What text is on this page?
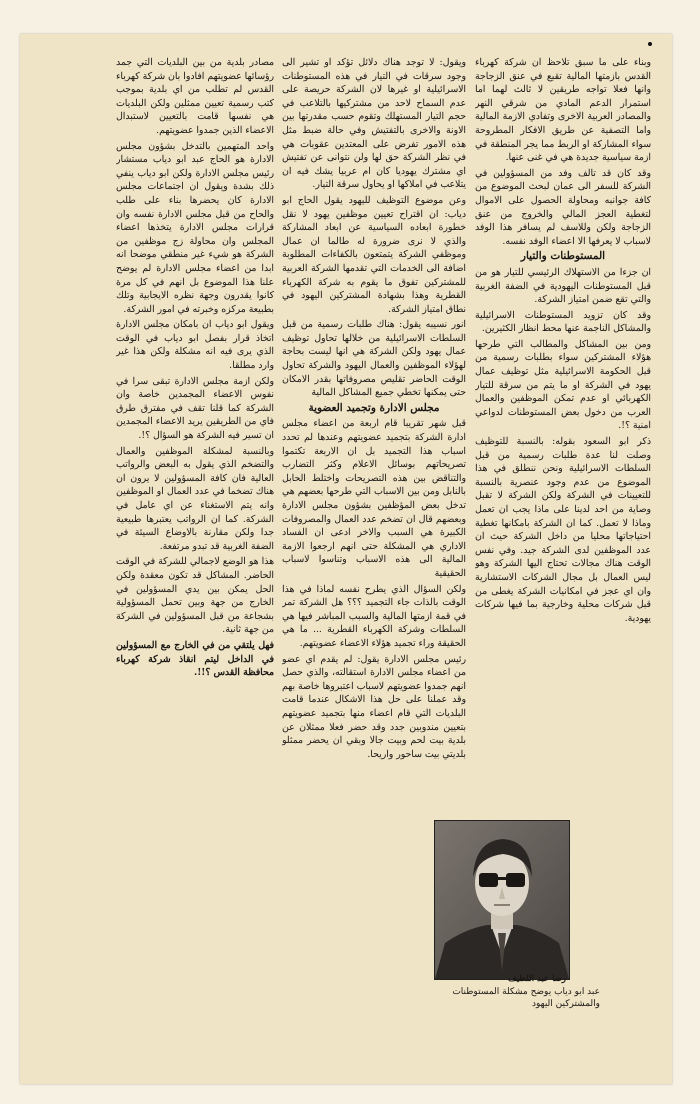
وبناء على ما سبق تلاحظ ان شركة كهرباء القدس بازمتها المالية تقبع في عنق الزجاجة وانها فعلا تواجه طريقين لا ثالث لهما اما استمرار الدعم المادي من شرقي النهر والمصادر العربية الاخرى وتفادي الازمة المالية واما التصفية عن طريق الافكار المطروحة سواء المشاركة او الربط مما يجر المنطقة في ازمة سياسية جديدة هي في غنى عنها.

وقد كان قد تالف وفد من المسؤولين في الشركة للسفر الى عمان لبحث الموضوع من كافة جوانبه ومحاولة الحصول على الاموال لتغطية العجز المالي والخروج من عنق الزجاجة ولكن وللاسف لم يسافر هذا الوفد لاسباب لا يعرفها الا اعضاء الوفد نفسه.

المستوطنات والتيار

ان جزءا من الاستهلاك الرئيسي للتيار هو من قبل المستوطنات اليهودية في الضفة الغربية والتي تقع ضمن امتياز الشركة.

وقد كان تزويد المستوطنات الاسرائيلية والمشاكل الناجمة عنها محط انظار الكثيرين.

ومن بين المشاكل والمطالب التي طرحها هؤلاء المشتركين سواء بطلبات رسمية من قبل الحكومة الاسرائيلية مثل توظيف عمال يهود في الشركة او ما يتم من سرقة للتيار الكهربائي او عدم تمكن الموظفين والعمال العرب من دخول بعض المستوطنات لدواعي امنية ؟!.

ذكر ابو السعود بقوله: بالنسبة للتوظيف وصلت لنا عدة طلبات رسمية من قبل السلطات الاسرائيلية ونحن ننطلق في هذا الموضوع من عدم وجود عنصرية بالنسبة للتعيينات في الشركة ولكن الشركة لا تقبل وصاية من احد لدينا على ماذا يجب ان تعمل وماذا لا تعمل. كما ان الشركة بامكانها تغطية احتياجاتها محليا من داخل الشركة حيث ان عدد الموظفين لدى الشركة جيد. وفي نفس الوقت هناك مجالات تحتاج اليها الشركة وهو ليس العمال بل مجال الشركات الاستشارية وان اي عجز في امكانيات الشركة يغطى من قبل شركات محلية وخارجية بما فيها شركات يهودية.

ويقول: لا توجد هناك دلائل تؤكد او تشير الى وجود سرقات في التيار في هذه المستوطنات الاسرائيلية او غيرها لان الشركة حريصة على عدم السماح لاحد من مشتركيها بالتلاعب في حجم التيار المستهلك وتقوم حسب مقدرتها بين الاونة والاخرى بالتفتيش وفي حالة ضبط مثل هذه الامور تفرض على المعتدين عقوبات هي في نظر الشركة حق لها ولن نتوانى عن تفتيش اي مشترك يهوديا كان ام عربيا يشك فيه ان يتلاعب في املاكها او يحاول سرقة التيار.

وعن موضوع التوظيف لليهود يقول الحاج ابو دياب: ان اقتراح تعيين موظفين يهود لا نقل خطورة ابعاده السياسية عن ابعاد المشاركة والذي لا نرى ضرورة له طالما ان عمال وموظفي الشركة يتمتعون بالكفاءات المطلوبة اضافة الى الخدمات التي تقدمها الشركة العربية للمشتركين تفوق ما يقوم به شركة الكهرباء القطرية وهذا بشهادة المشتركين اليهود في نطاق امتياز الشركة.

انور نسيبه يقول: هناك طلبات رسمية من قبل السلطات الاسرائيلية من خلالها تحاول توظيف عمال يهود ولكن الشركة هي انها ليست بحاجة لهؤلاء الموظفين والعمال اليهود والشركة تحاول الوقت الحاضر تقليص مصروفاتها بقدر الامكان حتى يمكنها تخطي جميع المشاكل المالية

مجلس الادارة وتجميد العضوية

قبل شهر تقريبا قام اربعة من اعضاء مجلس ادارة الشركة بتجميد عضويتهم وعندها لم تحدد اسباب هذا التجميد بل ان الاربعة تكتموا تصريحاتهم بوسائل الاعلام وكثر التضارب والتناقض بين هذه التصريحات واختلط الحابل بالنابل ومن بين الاسباب التي طرحها بعضهم هي تدخل بعض المؤظفين بشؤون مجلس الادارة وبعضهم قال ان تضخم عدد العمال والمصروفات الكبيرة هي السبب والاخر ادعى ان الفساد الاداري هي المشكلة حتى انهم ارجعوا الازمة المالية الى هذه الاسباب وتناسوا لاسباب الحقيقية

ولكن السؤال الذي يطرح نفسه لماذا في هذا الوقت بالذات جاء التجميد ؟؟؟ هل الشركة تمر في قمة ازمتها المالية والسبب المباشر فيها هي السلطات وشركة الكهرباء القطرية ... ما هي الحقيقة وراء تجميد هؤلاء الاعضاء عضويتهم.

رئيس مجلس الادارة يقول: لم يقدم اي عضو من اعضاء مجلس الادارة استقالته، والذي حصل انهم جمدوا عضويتهم لاسباب اعتبروها خاصة بهم وقد عملنا على حل هذا الاشكال عندما قامت البلديات التي قام اعضاء منها بتجميد عضويتهم بتعيين مندوبين جدد وقد حضر فعلا ممثلان عن بلدية بيت لحم وبيت جالا وبقي ان يحضر ممثلو بلديتي بيت ساحور واريحا.

مصادر بلدية من بين البلديات التي جمد رؤسائها عضويتهم افادوا بان شركة كهرباء القدس لم تطلب من اي بلدية بموجب كتب رسمية تعيين ممثلين ولكن البلديات هي نفسها قامت بالتعيين لاستبدال الاعضاء الذين جمدوا عضويتهم.

واحد المتهمين بالتدخل بشؤون مجلس الادارة هو الحاج عبد ابو دياب مستشار رئيس مجلس الادارة ولكن ابو دياب ينفي ذلك بشدة ويقول ان اجتماعات مجلس الادارة كان يحضرها بناء على طلب والحاح من قبل مجلس الادارة نفسه وان قرارات مجلس الادارة يتخذها اعضاء المجلس وان محاولة زج موظفين من الشركة هو شيء غير منطقي موضحا انه ابدا من اعضاء مجلس الادارة لم يوضح علنا هذا الموضوع بل انهم في كل مرة كانوا يقدرون وجهة نظره الايجابية وتلك بطبيعة مركزه وخبرته في امور الشركة.

ويقول ابو دياب ان بامكان مجلس الادارة اتخاذ قرار بفصل ابو دياب في الوقت الذي يرى فيه انه مشكلة ولكن هذا غير وارد مطلقا.

ولكن ازمة مجلس الادارة تبقى سرا في نفوس الاعضاء المجمدين خاصة وان الشركة كما قلنا تقف في مفترق طرق فاي من الطريقين يريد الاعضاء المجمدين ان تسير فيه الشركة هو السؤال ؟!.

وبالنسبة لمشكلة الموظفين والعمال والتضخم الذي يقول به البعض والرواتب العالية فان كافة المسؤولين لا يرون ان هناك تضخما في عدد العمال او الموظفين وانه يتم الاستغناء عن اي عامل في الشركة. كما ان الرواتب يعتبرها طبيعية جدا ولكن مقارنة بالاوضاع السيئة في الضفة الغربية قد تبدو مرتفعة.

هذا هو الوضع لاجمالي للشركة في الوقت الحاضر. المشاكل قد تكون معقدة ولكن الحل يمكن بين يدي المسؤولين في الخارج من جهة وبين تحمل المسؤولية بشجاعة من قبل المسؤولين في الشركة من جهة ثانية.

فهل يلتقي من في الخارج مع المسؤولين في الداخل ليتم انقاذ شركة كهرباء محافظة القدس ؟!!.

رضا عبد اللطيف
عبد ابو دياب يوضح مشكلة المستوطنات والمشتركين اليهود
